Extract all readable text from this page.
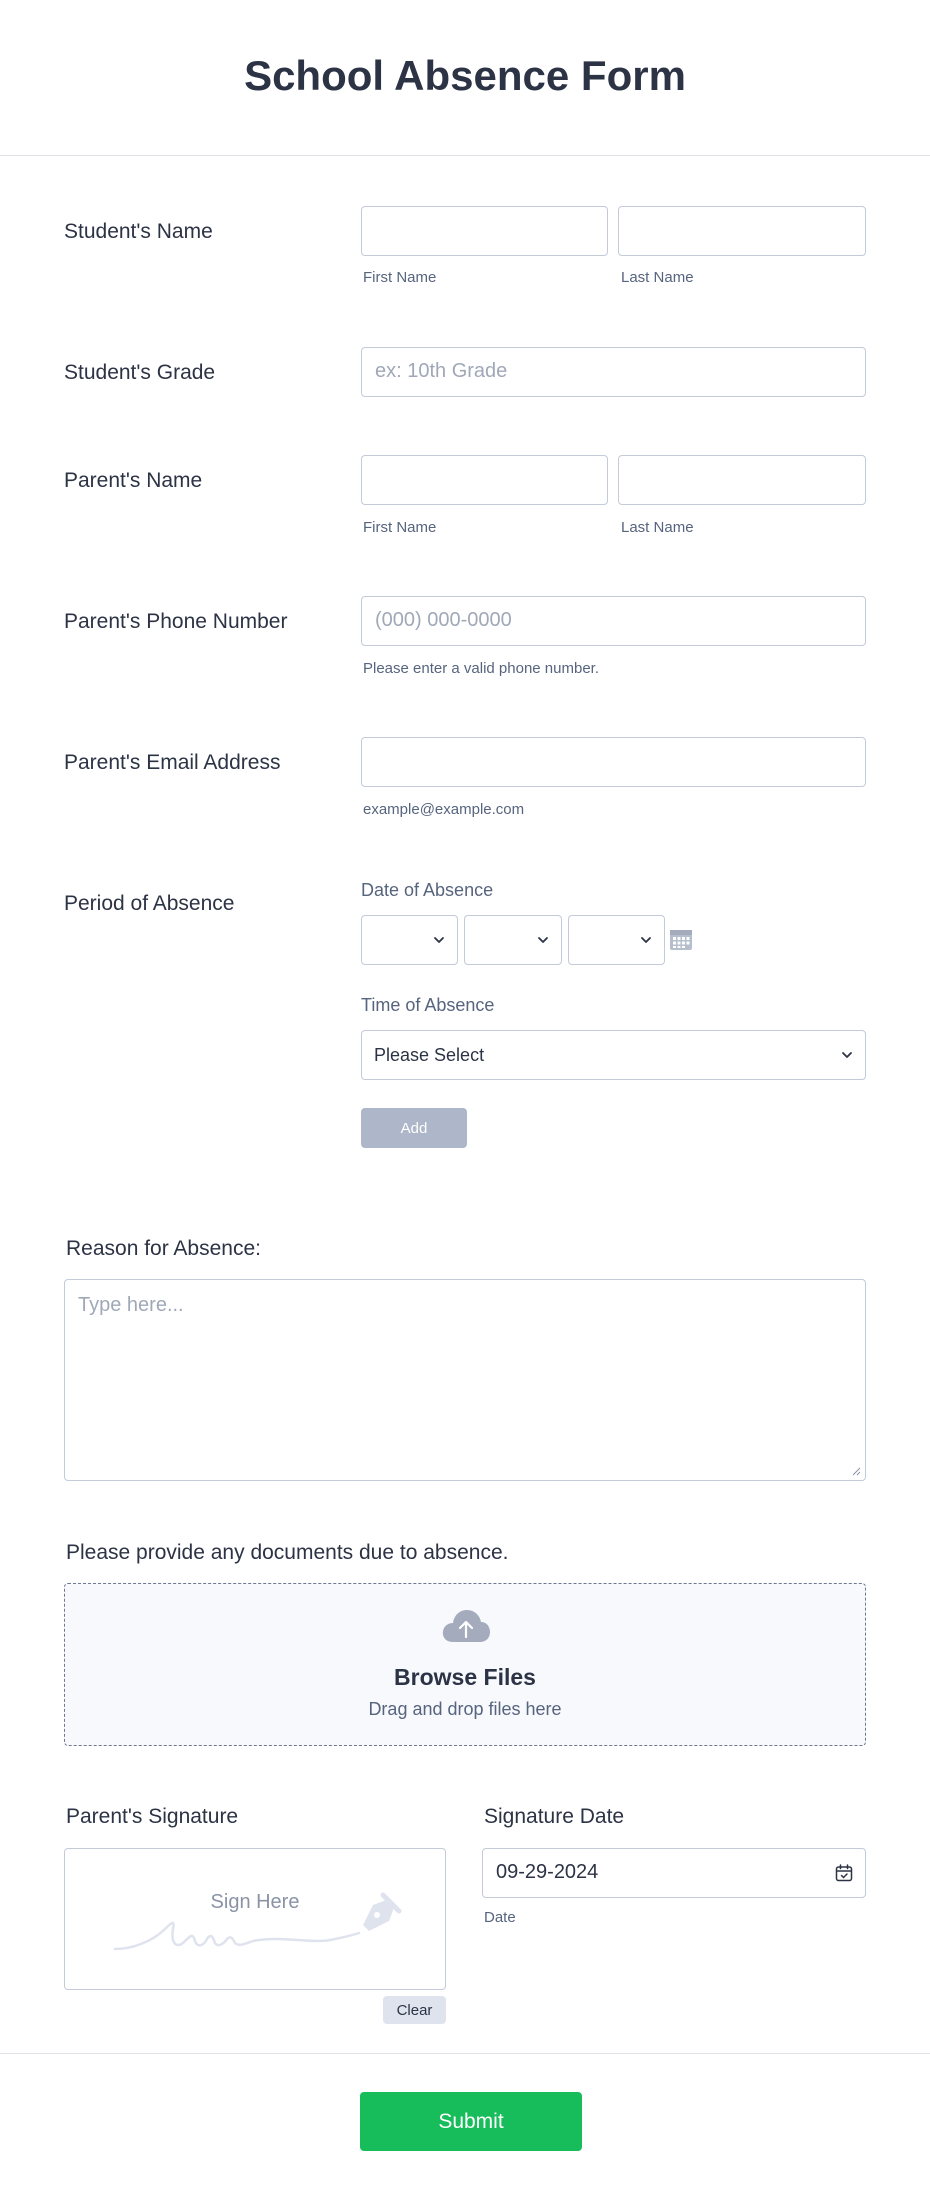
School Absence Form
Student's Name
First Name	Last Name
Student's Grade	ex: 10th Grade
Parent's Name
First Name	Last Name
Parent's Phone Number	(000) 000-0000
Please enter a valid phone number.
Parent's Email Address
example@example.com
Period of Absence
Date of Absence
Time of Absence
Please Select
Add
Reason for Absence:
Type here...
Please provide any documents due to absence.
Browse Files
Drag and drop files here
Parent's Signature
Sign Here
Clear
Signature Date
09-29-2024
Date
Submit
